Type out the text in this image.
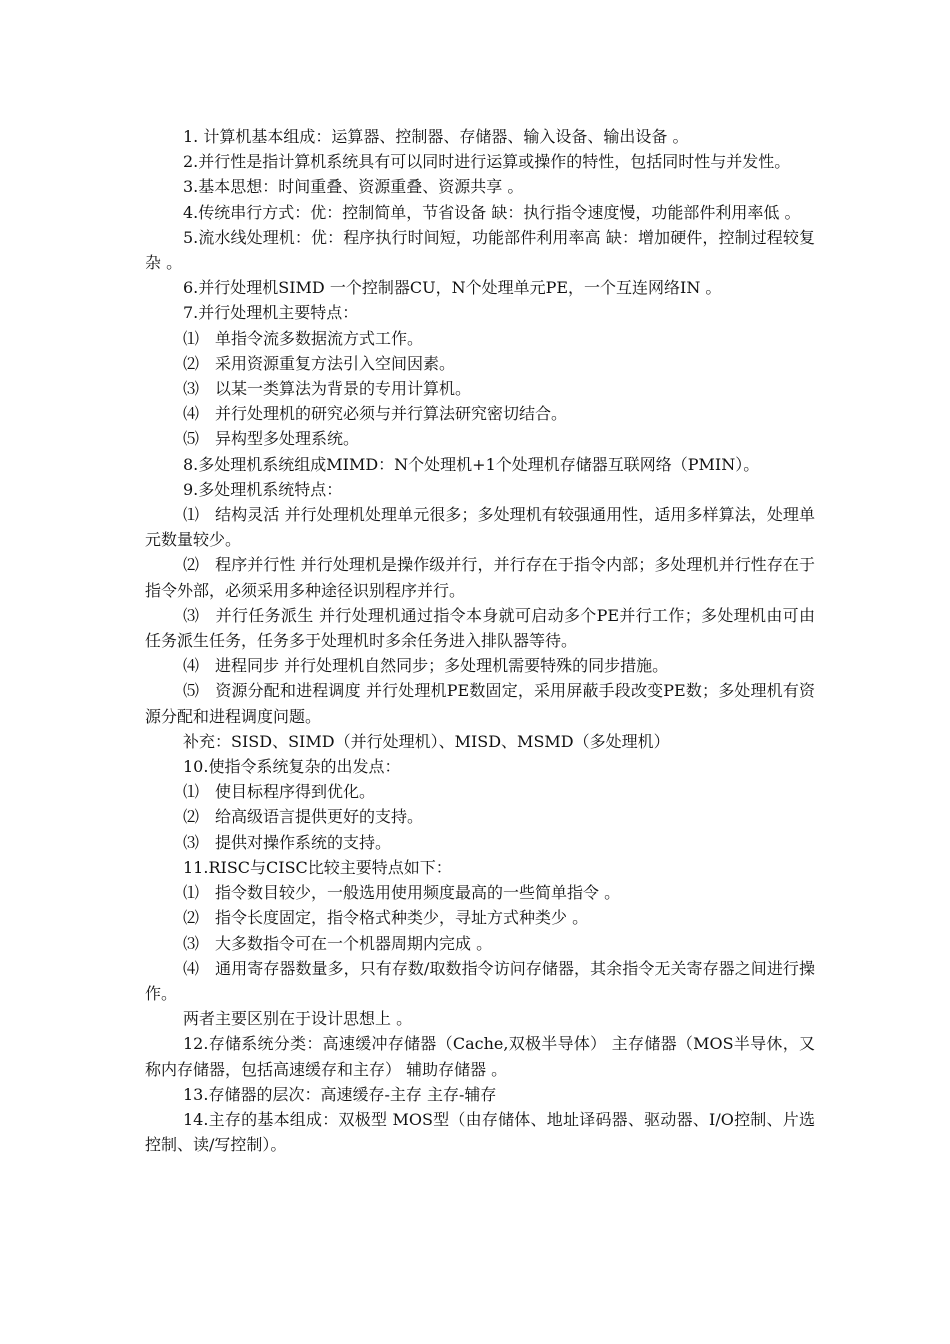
1. 计算机基本组成：运算器、控制器、存储器、输入设备、输出设备 。

2.并行性是指计算机系统具有可以同时进行运算或操作的特性，包括同时性与并发性。

3.基本思想：时间重叠、资源重叠、资源共享 。

4.传统串行方式：优：控制简单，节省设备 缺：执行指令速度慢，功能部件利用率低 。

5.流水线处理机：优：程序执行时间短，功能部件利用率高 缺：增加硬件，控制过程较复杂 。

6.并行处理机SIMD 一个控制器CU，N个处理单元PE，一个互连网络IN 。

7.并行处理机主要特点：

⑴　单指令流多数据流方式工作。

⑵　采用资源重复方法引入空间因素。

⑶　以某一类算法为背景的专用计算机。

⑷　并行处理机的研究必须与并行算法研究密切结合。

⑸　异构型多处理系统。

8.多处理机系统组成MIMD：N个处理机+1个处理机存储器互联网络（PMIN）。

9.多处理机系统特点：

⑴　结构灵活 并行处理机处理单元很多；多处理机有较强通用性，适用多样算法，处理单元数量较少。

⑵　程序并行性 并行处理机是操作级并行，并行存在于指令内部；多处理机并行性存在于指令外部，必须采用多种途径识别程序并行。

⑶　并行任务派生 并行处理机通过指令本身就可启动多个PE并行工作；多处理机由可由任务派生任务，任务多于处理机时多余任务进入排队器等待。

⑷　进程同步 并行处理机自然同步；多处理机需要特殊的同步措施。

⑸　资源分配和进程调度 并行处理机PE数固定，采用屏蔽手段改变PE数；多处理机有资源分配和进程调度问题。

补充：SISD、SIMD（并行处理机）、MISD、MSMD（多处理机）

10.使指令系统复杂的出发点：

⑴　使目标程序得到优化。

⑵　给高级语言提供更好的支持。

⑶　提供对操作系统的支持。

11.RISC与CISC比较主要特点如下：

⑴　指令数目较少，一般选用使用频度最高的一些简单指令 。

⑵　指令长度固定，指令格式种类少，寻址方式种类少 。

⑶　大多数指令可在一个机器周期内完成 。

⑷　通用寄存器数量多，只有存数/取数指令访问存储器，其余指令无关寄存器之间进行操作。

两者主要区别在于设计思想上 。

12.存储系统分类：高速缓冲存储器（Cache,双极半导体） 主存储器（MOS半导休，又称内存储器，包括高速缓存和主存） 辅助存储器 。

13.存储器的层次：高速缓存-主存 主存-辅存

14.主存的基本组成：双极型 MOS型（由存储体、地址译码器、驱动器、I/O控制、片选控制、读/写控制）。
